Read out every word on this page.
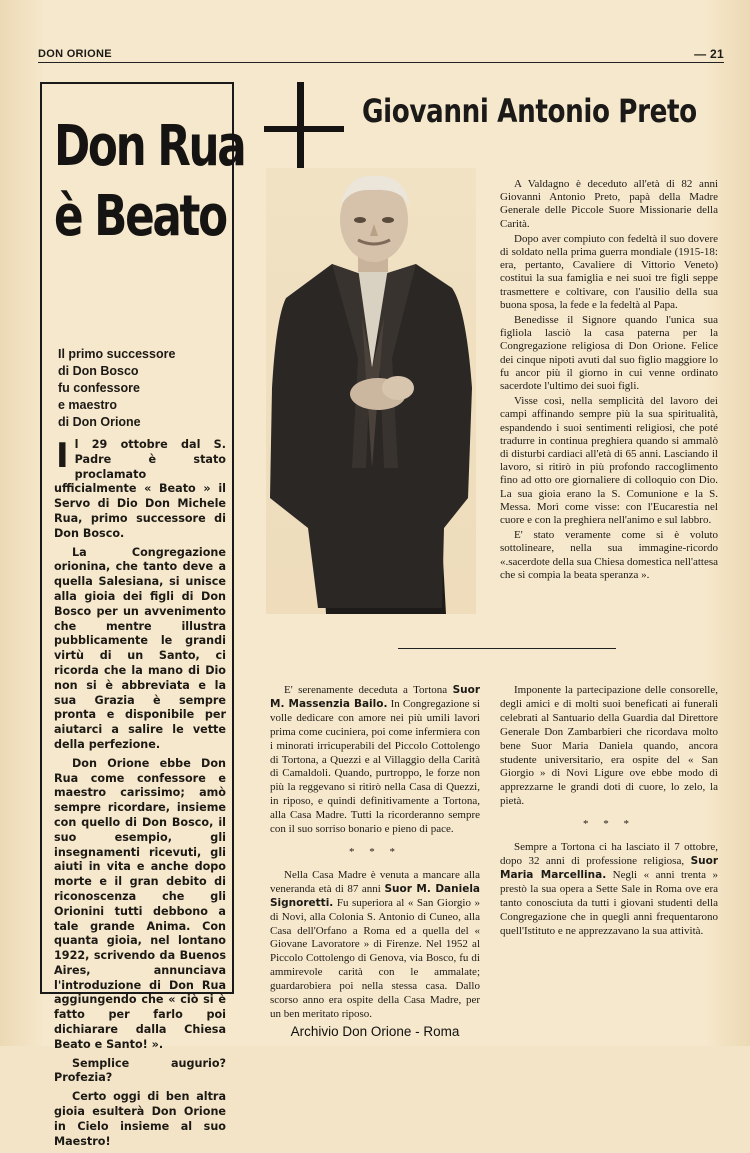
DON ORIONE	— 21
Don Rua
è Beato
Il primo successore
di Don Bosco
fu confessore
e maestro
di Don Orione

Il 29 ottobre dal S. Padre è stato proclamato ufficialmente « Beato » il Servo di Dio Don Michele Rua, primo successore di Don Bosco.

La Congregazione orionina, che tanto deve a quella Salesiana, si unisce alla gioia dei figli di Don Bosco per un avvenimento che mentre illustra pubblicamente le grandi virtù di un Santo, ci ricorda che la mano di Dio non si è abbreviata e la sua Grazia è sempre pronta e disponibile per aiutarci a salire le vette della perfezione.

Don Orione ebbe Don Rua come confessore e maestro carissimo; amò sempre ricordare, insieme con quello di Don Bosco, il suo esempio, gli insegnamenti ricevuti, gli aiuti in vita e anche dopo morte e il gran debito di riconoscenza che gli Orionini tutti debbono a tale grande Anima. Con quanta gioia, nel lontano 1922, scrivendo da Buenos Aires, annunciava l'introduzione di Don Rua aggiungendo che « ciò si è fatto per farlo poi dichiarare dalla Chiesa Beato e Santo! ».

Semplice augurio? Profezia?

Certo oggi di ben altra gioia esulterà Don Orione in Cielo insieme al suo Maestro!

Giovanni Antonio Preto

A Valdagno è deceduto all'età di 82 anni Giovanni Antonio Preto, papà della Madre Generale delle Piccole Suore Missionarie della Carità.

Dopo aver compiuto con fedeltà il suo dovere di soldato nella prima guerra mondiale (1915-18: era, pertanto, Cavaliere di Vittorio Veneto) costituì la sua famiglia e nei suoi tre figli seppe trasmettere e coltivare, con l'ausilio della sua buona sposa, la fede e la fedeltà al Papa.

Benedisse il Signore quando l'unica sua figliola lasciò la casa paterna per la Congregazione religiosa di Don Orione. Felice dei cinque nipoti avuti dal suo figlio maggiore lo fu ancor più il giorno in cui venne ordinato sacerdote l'ultimo dei suoi figli.

Visse così, nella semplicità del lavoro dei campi affinando sempre più la sua spiritualità, espandendo i suoi sentimenti religiosi, che poté tradurre in continua preghiera quando si ammalò di disturbi cardiaci all'età di 65 anni. Lasciando il lavoro, si ritirò in più profondo raccoglimento fino ad otto ore giornaliere di colloquio con Dio. La sua gioia erano la S. Comunione e la S. Messa. Morì come visse: con l'Eucarestia nel cuore e con la preghiera nell'animo e sul labbro.

E' stato veramente come si è voluto sottolineare, nella sua immagine-ricordo «.sacerdote della sua Chiesa domestica nell'attesa che si compia la beata speranza ».

E' serenamente deceduta a Tortona Suor M. Massenzia Bailo. In Congregazione si volle dedicare con amore nei più umili lavori prima come cuciniera, poi come infermiera con i minorati irricuperabili del Piccolo Cottolengo di Tortona, a Quezzi e al Villaggio della Carità di Camaldoli. Quando, purtroppo, le forze non più la reggevano si ritirò nella Casa di Quezzi, in riposo, e quindi definitivamente a Tortona, alla Casa Madre. Tutti la ricorderanno sempre con il suo sorriso bonario e pieno di pace.

* * *

Nella Casa Madre è venuta a mancare alla veneranda età di 87 anni Suor M. Daniela Signoretti. Fu superiora al « San Giorgio » di Novi, alla Colonia S. Antonio di Cuneo, alla Casa dell'Orfano a Roma ed a quella del « Giovane Lavoratore » di Firenze. Nel 1952 al Piccolo Cottolengo di Genova, via Bosco, fu di ammirevole carità con le ammalate; guardarobiera poi nella stessa casa. Dallo scorso anno era ospite della Casa Madre, per un ben meritato riposo.

Imponente la partecipazione delle consorelle, degli amici e di molti suoi beneficati ai funerali celebrati al Santuario della Guardia dal Direttore Generale Don Zambarbieri che ricordava molto bene Suor Maria Daniela quando, ancora studente universitario, era ospite del « San Giorgio » di Novi Ligure ove ebbe modo di apprezzarne le grandi doti di cuore, lo zelo, la pietà.

* * *

Sempre a Tortona ci ha lasciato il 7 ottobre, dopo 32 anni di professione religiosa, Suor Maria Marcellina. Negli « anni trenta » prestò la sua opera a Sette Sale in Roma ove era tanto conosciuta da tutti i giovani studenti della Congregazione che in quegli anni frequentarono quell'Istituto e ne apprezzavano la sua attività.

Archivio Don Orione - Roma
